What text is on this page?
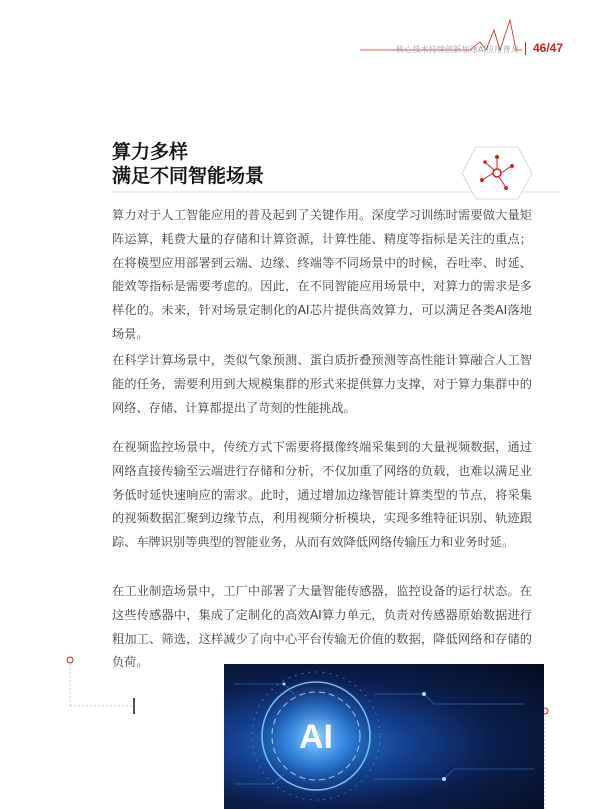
核心技术持续创新加速AI应用普及 46/47
算力多样
满足不同智能场景

算力对于人工智能应用的普及起到了关键作用。深度学习训练时需要做大量矩阵运算，耗费大量的存储和计算资源，计算性能、精度等指标是关注的重点；在将模型应用部署到云端、边缘、终端等不同场景中的时候，吞吐率、时延、能效等指标是需要考虑的。因此，在不同智能应用场景中，对算力的需求是多样化的。未来，针对场景定制化的AI芯片提供高效算力，可以满足各类AI落地场景。

在科学计算场景中，类似气象预测、蛋白质折叠预测等高性能计算融合人工智能的任务，需要利用到大规模集群的形式来提供算力支撑，对于算力集群中的网络、存储、计算都提出了苛刻的性能挑战。

在视频监控场景中，传统方式下需要将摄像终端采集到的大量视频数据，通过网络直接传输至云端进行存储和分析，不仅加重了网络的负载，也难以满足业务低时延快速响应的需求。此时，通过增加边缘智能计算类型的节点，将采集的视频数据汇聚到边缘节点，利用视频分析模块，实现多维特征识别、轨迹跟踪、车牌识别等典型的智能业务，从而有效降低网络传输压力和业务时延。

在工业制造场景中，工厂中部署了大量智能传感器，监控设备的运行状态。在这些传感器中，集成了定制化的高效AI算力单元，负责对传感器原始数据进行粗加工、筛选，这样减少了向中心平台传输无价值的数据，降低网络和存储的负荷。

AI
